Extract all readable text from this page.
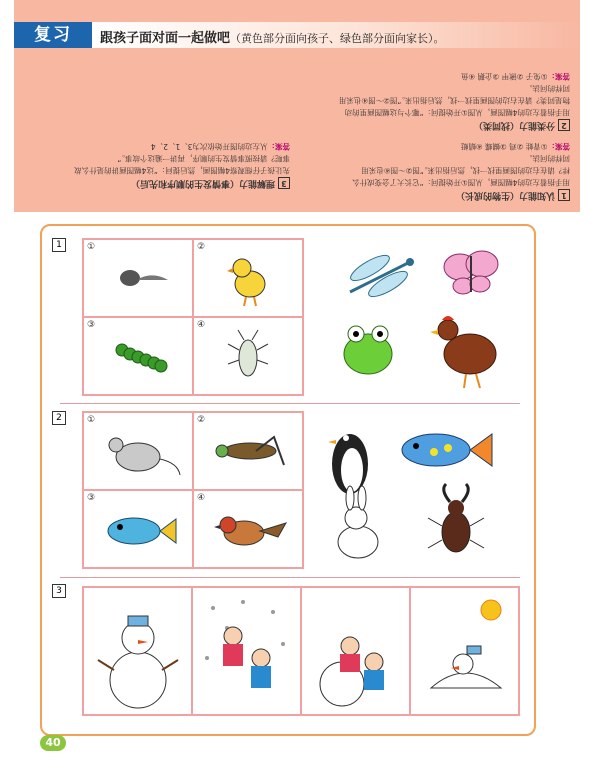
复习	跟孩子面对面一起做吧（黄色部分面向孩子、绿色部分面向家长）。
2分类能力（找同类）
用手指着左边的4幅图画，从图①开始提问：“哪个与这幅图画里的动
物是同类？请在右边的图画里找一找，然后指出来。”图②～图④也采用
同样的问法。
答案：①兔子 ②锹甲 ③企鹅 ④鱼
3理解能力（事情发生的顺序和先后）
先让孩子仔细观察4幅图画，然后提问：“这4幅图画讲的是什么故
事呢？请按照事情发生的顺序，再讲一遍这个故事。”
答案：从左边的图开始依次为3、1、2、4
1认知能力（生物的成长）
用手指着左边的4幅图画，从图①开始提问：“它长大了会变成什么
样？请在右边的图画里找一找，然后指出来。”图②～图④也采用
同样的问法。
答案：①青蛙 ②鸡 ③蝴蝶 ④蜻蜓
1	①	②
③	④
2	①	②
③	④
3
40
